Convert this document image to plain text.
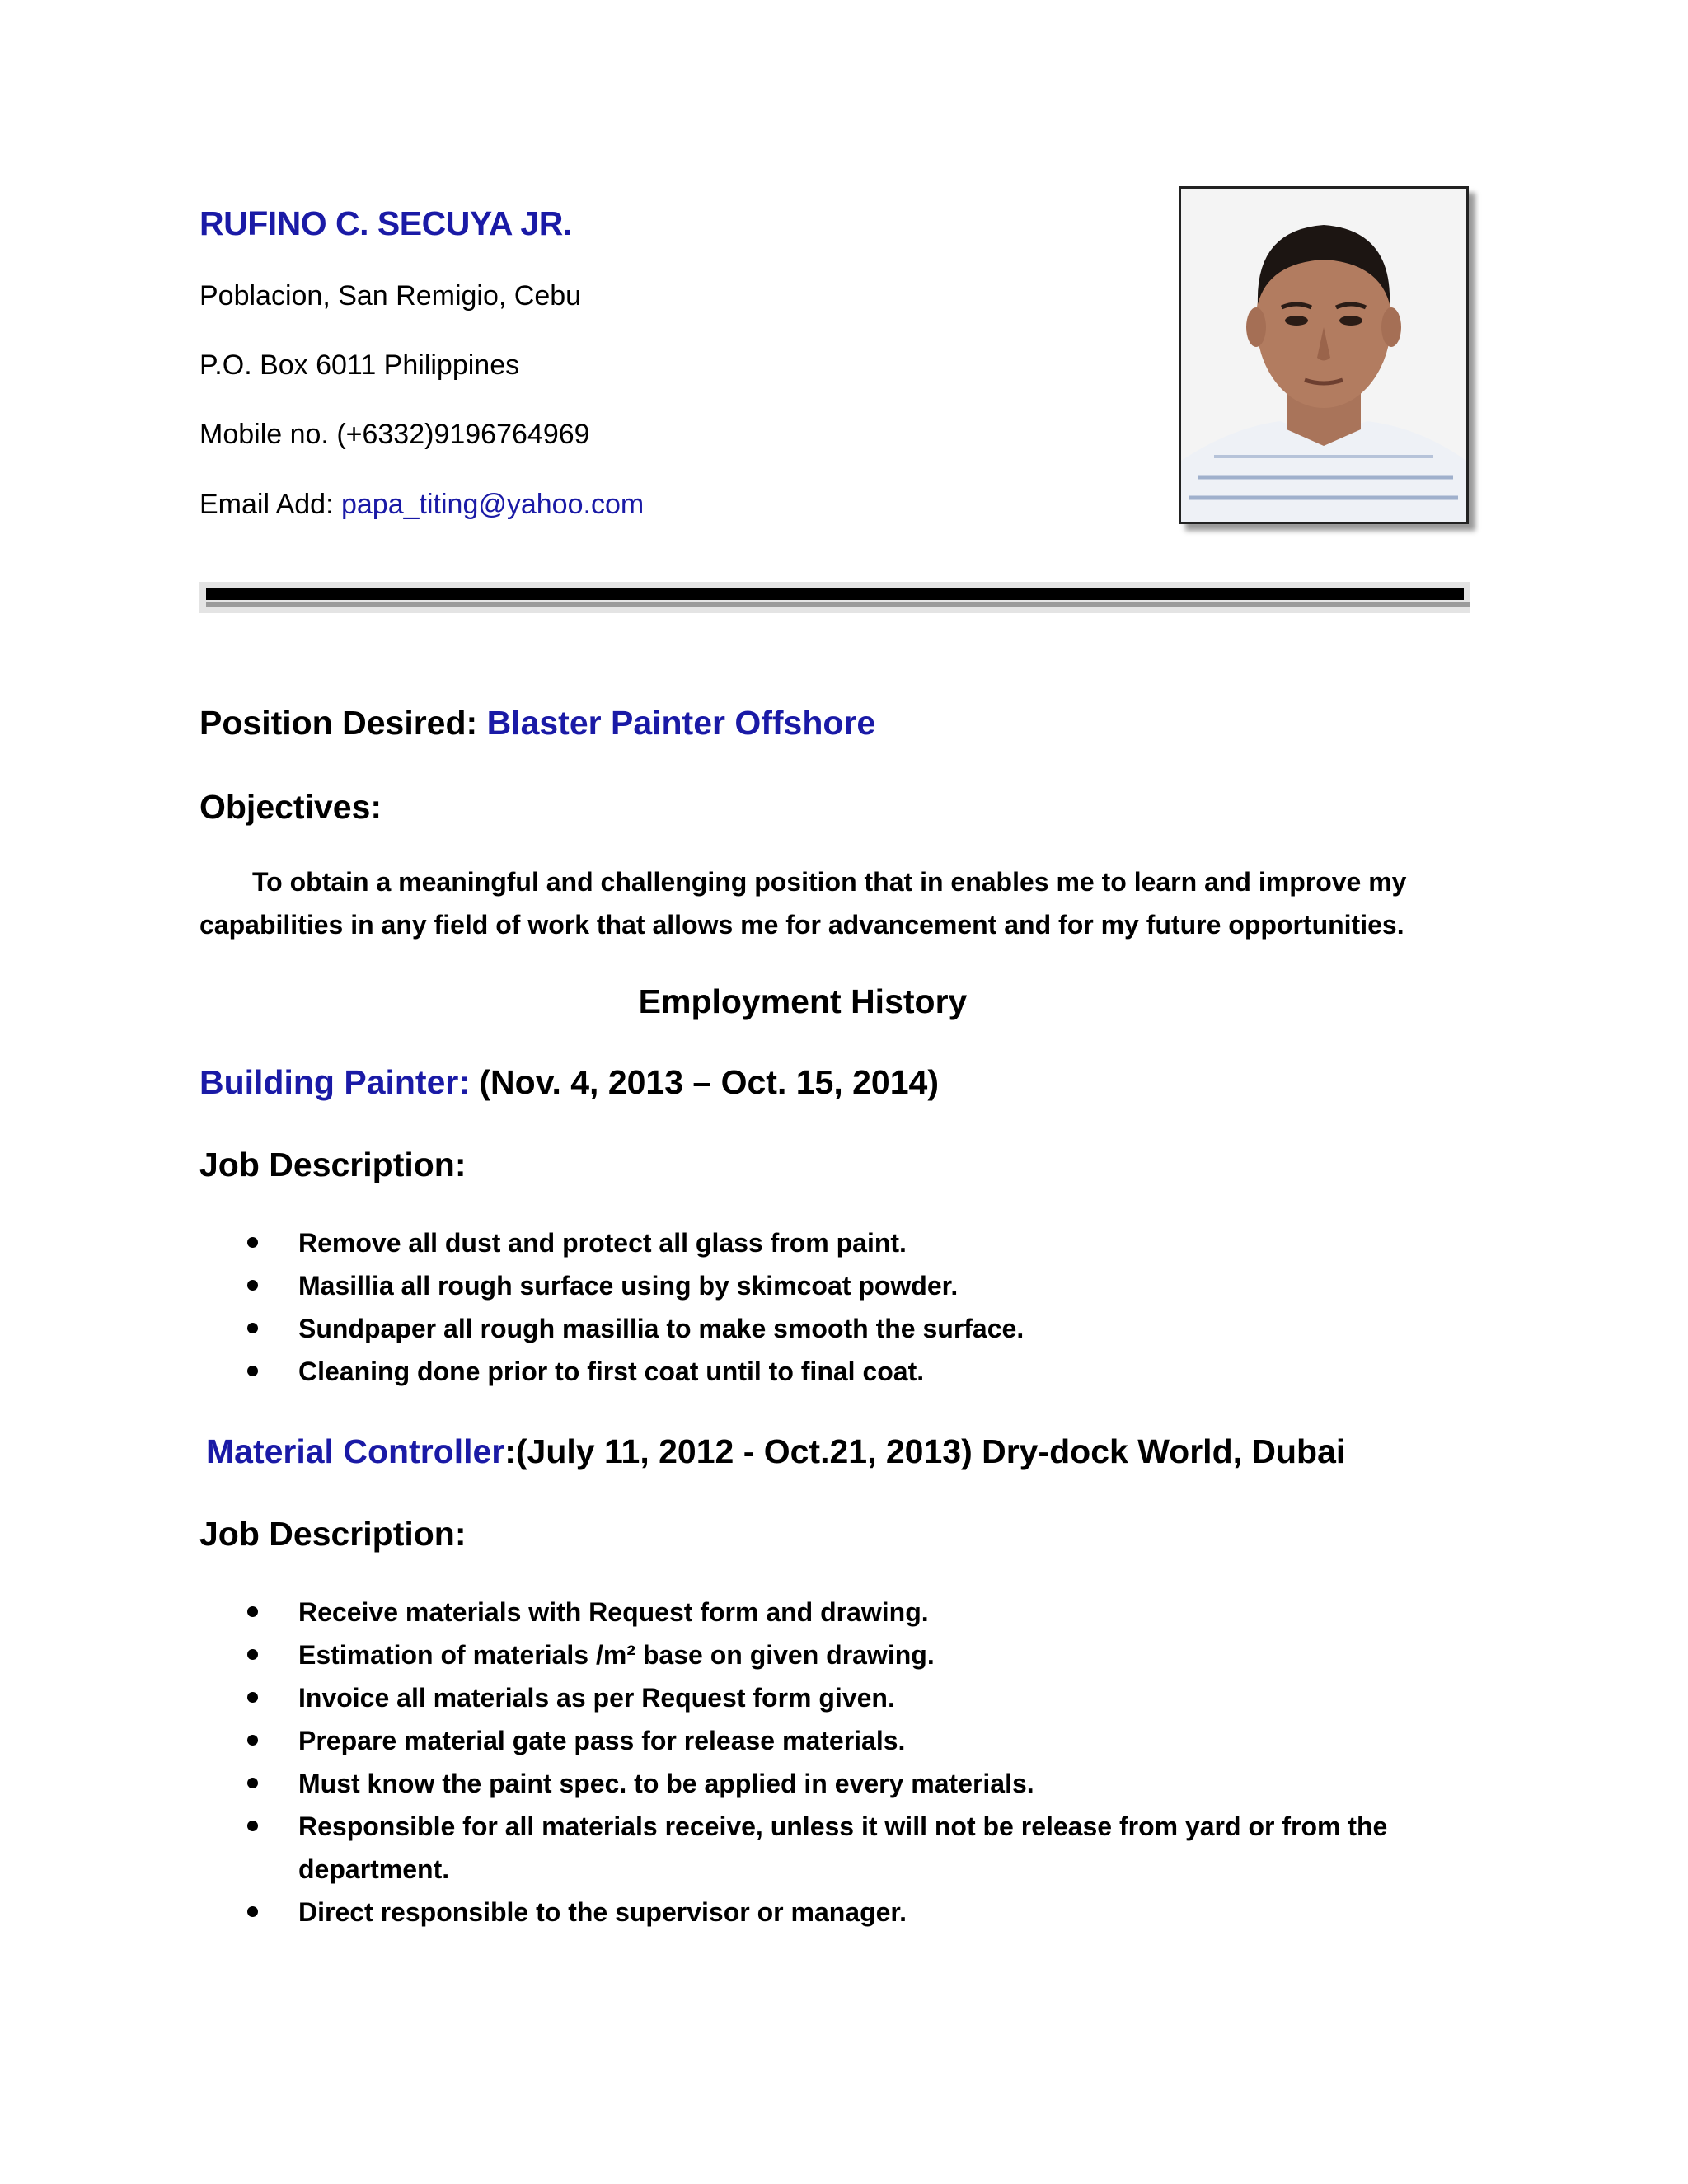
RUFINO C. SECUYA JR.
Poblacion, San Remigio, Cebu
P.O. Box 6011 Philippines
Mobile no. (+6332)9196764969
Email Add: papa_titing@yahoo.com
Position Desired: Blaster Painter Offshore
Objectives:
To obtain a meaningful and challenging position that in enables me to learn and improve my
capabilities in any field of work that allows me for advancement and for my future opportunities.
Employment History
Building Painter: (Nov. 4, 2013 – Oct. 15, 2014)
Job Description:
Remove all dust and protect all glass from paint.
Masillia all rough surface using by skimcoat powder.
Sundpaper all rough masillia to make smooth the surface.
Cleaning done prior to first coat until to final coat.
Material Controller:(July 11, 2012 - Oct.21, 2013) Dry-dock World, Dubai
Job Description:
Receive materials with Request form and drawing.
Estimation of materials /m² base on given drawing.
Invoice all materials as per Request form given.
Prepare material gate pass for release materials.
Must know the paint spec. to be applied in every materials.
Responsible for all materials receive, unless it will not be release from yard or from the department.
Direct responsible to the supervisor or manager.
